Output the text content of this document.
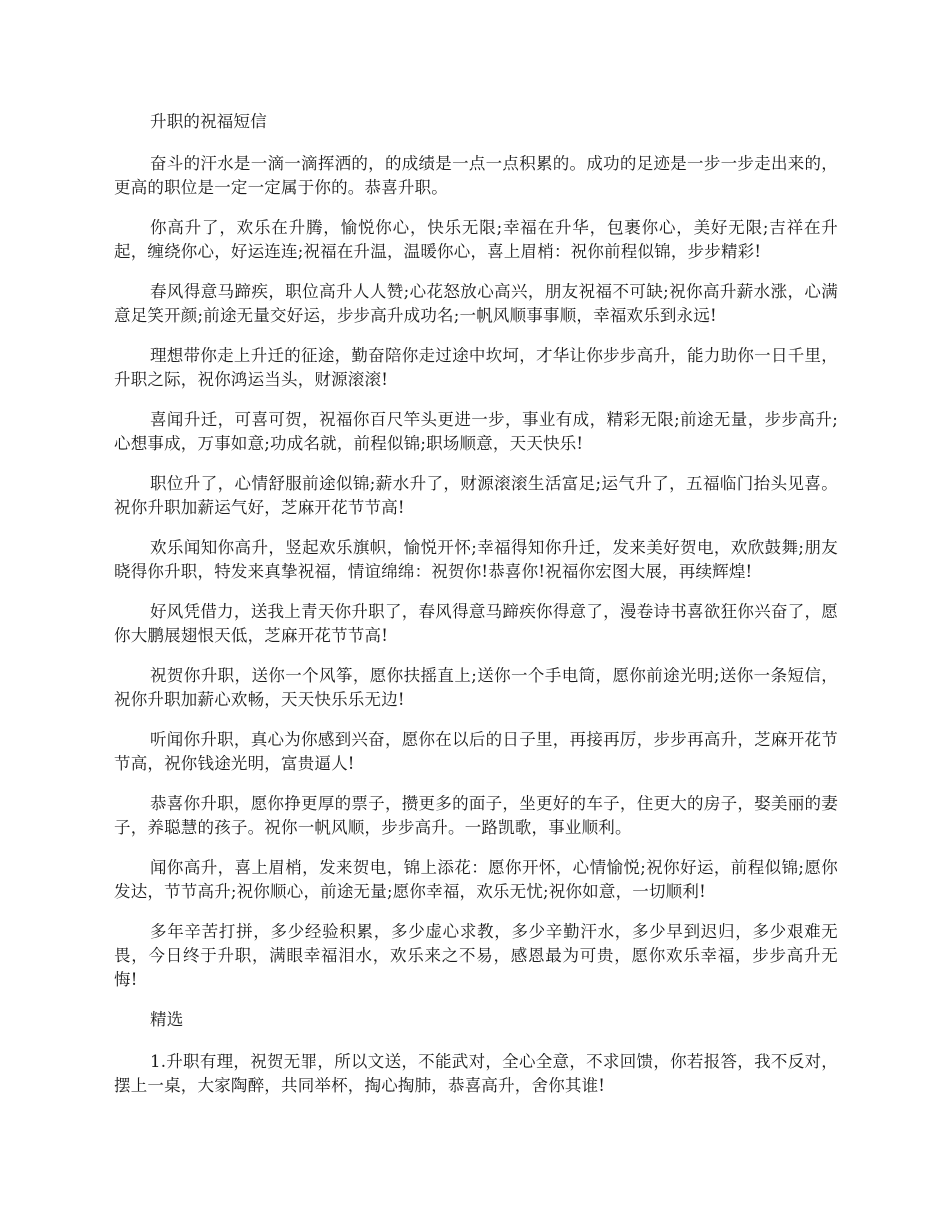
升职的祝福短信

奋斗的汗水是一滴一滴挥洒的，的成绩是一点一点积累的。成功的足迹是一步一步走出来的，更高的职位是一定一定属于你的。恭喜升职。

你高升了，欢乐在升腾，愉悦你心，快乐无限;幸福在升华，包裹你心，美好无限;吉祥在升起，缠绕你心，好运连连;祝福在升温，温暖你心，喜上眉梢：祝你前程似锦，步步精彩!

春风得意马蹄疾，职位高升人人赞;心花怒放心高兴，朋友祝福不可缺;祝你高升薪水涨，心满意足笑开颜;前途无量交好运，步步高升成功名;一帆风顺事事顺，幸福欢乐到永远!

理想带你走上升迁的征途，勤奋陪你走过途中坎坷，才华让你步步高升，能力助你一日千里，升职之际，祝你鸿运当头，财源滚滚!

喜闻升迁，可喜可贺，祝福你百尺竿头更进一步，事业有成，精彩无限;前途无量，步步高升;心想事成，万事如意;功成名就，前程似锦;职场顺意，天天快乐!

职位升了，心情舒服前途似锦;薪水升了，财源滚滚生活富足;运气升了，五福临门抬头见喜。祝你升职加薪运气好，芝麻开花节节高!

欢乐闻知你高升，竖起欢乐旗帜，愉悦开怀;幸福得知你升迁，发来美好贺电，欢欣鼓舞;朋友晓得你升职，特发来真挚祝福，情谊绵绵：祝贺你!恭喜你!祝福你宏图大展，再续辉煌!

好风凭借力，送我上青天你升职了，春风得意马蹄疾你得意了，漫卷诗书喜欲狂你兴奋了，愿你大鹏展翅恨天低，芝麻开花节节高!

祝贺你升职，送你一个风筝，愿你扶摇直上;送你一个手电筒，愿你前途光明;送你一条短信，祝你升职加薪心欢畅，天天快乐乐无边!

听闻你升职，真心为你感到兴奋，愿你在以后的日子里，再接再厉，步步再高升，芝麻开花节节高，祝你钱途光明，富贵逼人!

恭喜你升职，愿你挣更厚的票子，攒更多的面子，坐更好的车子，住更大的房子，娶美丽的妻子，养聪慧的孩子。祝你一帆风顺，步步高升。一路凯歌，事业顺利。

闻你高升，喜上眉梢，发来贺电，锦上添花：愿你开怀，心情愉悦;祝你好运，前程似锦;愿你发达，节节高升;祝你顺心，前途无量;愿你幸福，欢乐无忧;祝你如意，一切顺利!

多年辛苦打拼，多少经验积累，多少虚心求教，多少辛勤汗水，多少早到迟归，多少艰难无畏，今日终于升职，满眼幸福泪水，欢乐来之不易，感恩最为可贵，愿你欢乐幸福，步步高升无悔!

精选

1.升职有理，祝贺无罪，所以文送，不能武对，全心全意，不求回馈，你若报答，我不反对，摆上一桌，大家陶醉，共同举杯，掏心掏肺，恭喜高升，舍你其谁!
